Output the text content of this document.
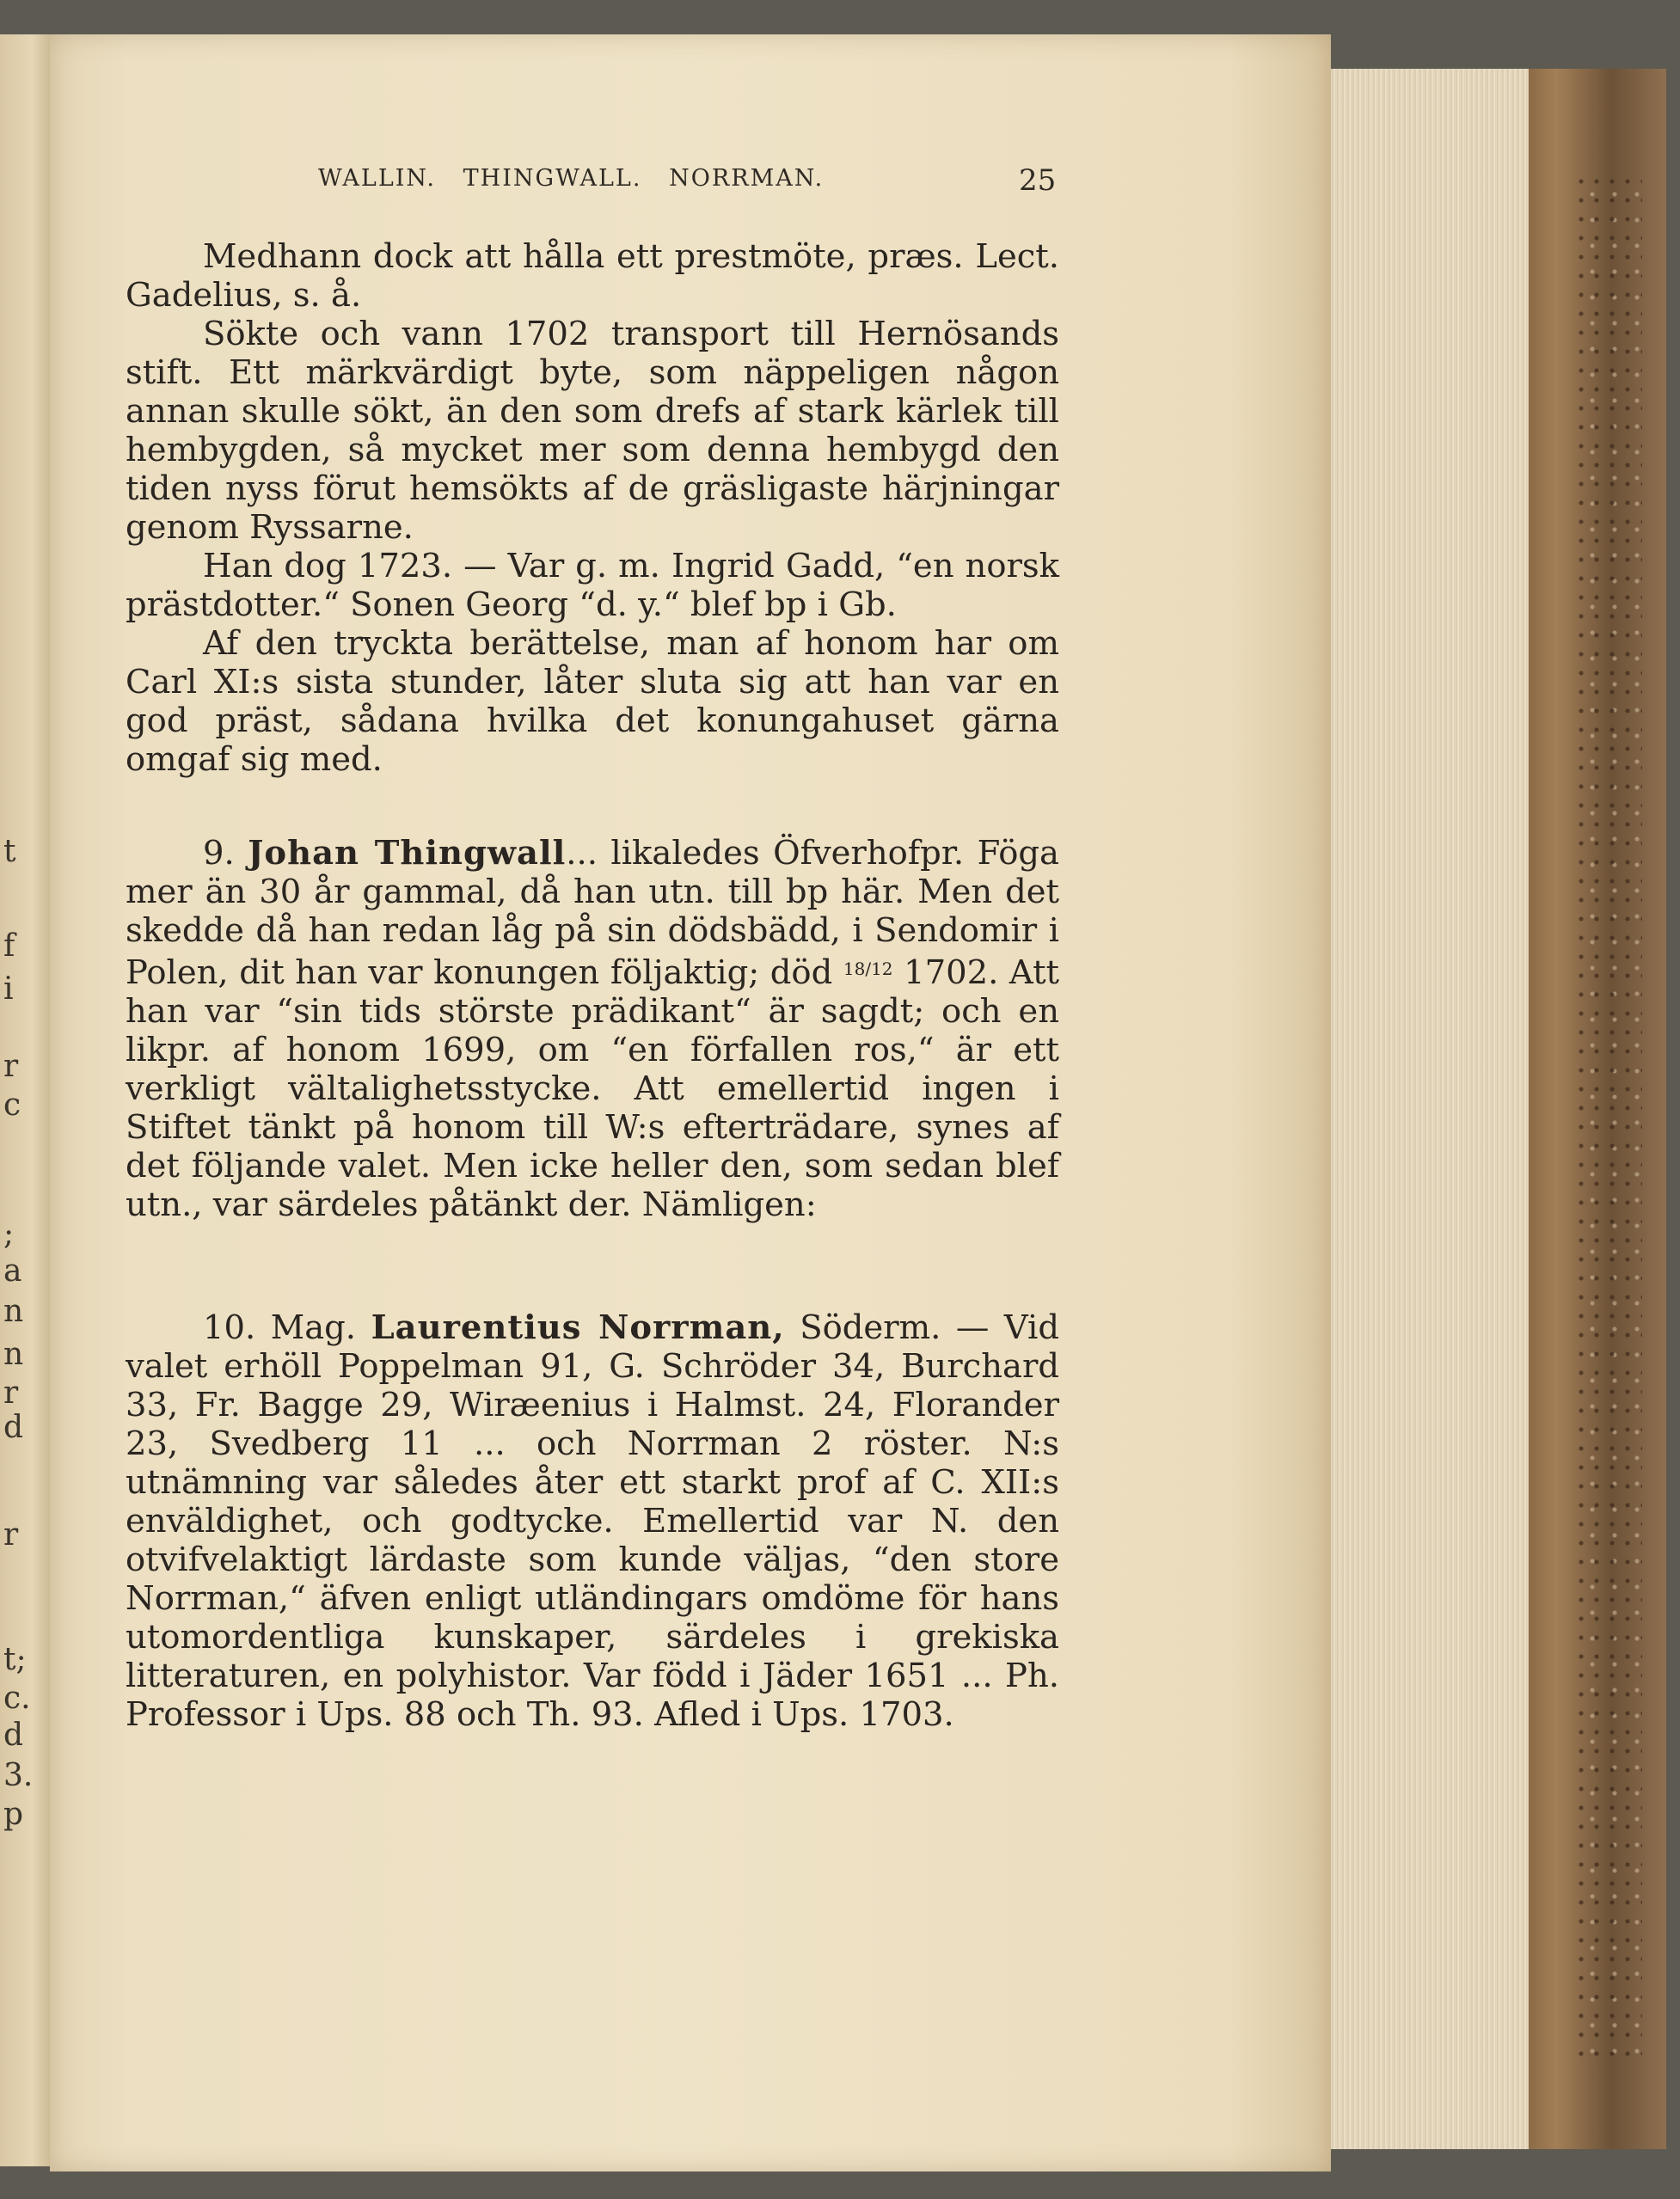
t
f
i
r
c
;
a
n
n
r
d
r
t;
c.
d
3.
p
WALLIN.   THINGWALL.   NORRMAN.	25

Medhann dock att hålla ett prestmöte, præs. Lect. Gadelius, s. å.

Sökte och vann 1702 transport till Hernösands stift. Ett märkvärdigt byte, som näppeligen någon annan skulle sökt, än den som drefs af stark kärlek till hembygden, så mycket mer som denna hembygd den tiden nyss förut hemsökts af de gräsligaste härjningar genom Ryssarne.

Han dog 1723. — Var g. m. Ingrid Gadd, “en norsk prästdotter.“ Sonen Georg “d. y.“ blef bp i Gb.

Af den tryckta berättelse, man af honom har om Carl XI:s sista stunder, låter sluta sig att han var en god präst, sådana hvilka det konungahuset gärna omgaf sig med.

9. Johan Thingwall... likaledes Öfverhofpr. Föga mer än 30 år gammal, då han utn. till bp här. Men det skedde då han redan låg på sin dödsbädd, i Sendomir i Polen, dit han var konungen följaktig; död $^{18/12}$ 1702. Att han var “sin tids störste prädikant“ är sagdt; och en likpr. af honom 1699, om “en förfallen ros,“ är ett verkligt vältalighetsstycke. Att emellertid ingen i Stiftet tänkt på honom till W:s efterträdare, synes af det följande valet. Men icke heller den, som sedan blef utn., var särdeles påtänkt der. Nämligen:

10. Mag. Laurentius Norrman, Söderm. — Vid valet erhöll Poppelman 91, G. Schröder 34, Burchard 33, Fr. Bagge 29, Wiræenius i Halmst. 24, Florander 23, Svedberg 11 ... och Norrman 2 röster. N:s utnämning var således åter ett starkt prof af C. XII:s enväldighet, och godtycke. Emellertid var N. den otvifvelaktigt lärdaste som kunde väljas, “den store Norrman,“ äfven enligt utländingars omdöme för hans utomordentliga kunskaper, särdeles i grekiska litteraturen, en polyhistor. Var född i Jäder 1651 ... Ph. Professor i Ups. 88 och Th. 93. Afled i Ups. 1703.
